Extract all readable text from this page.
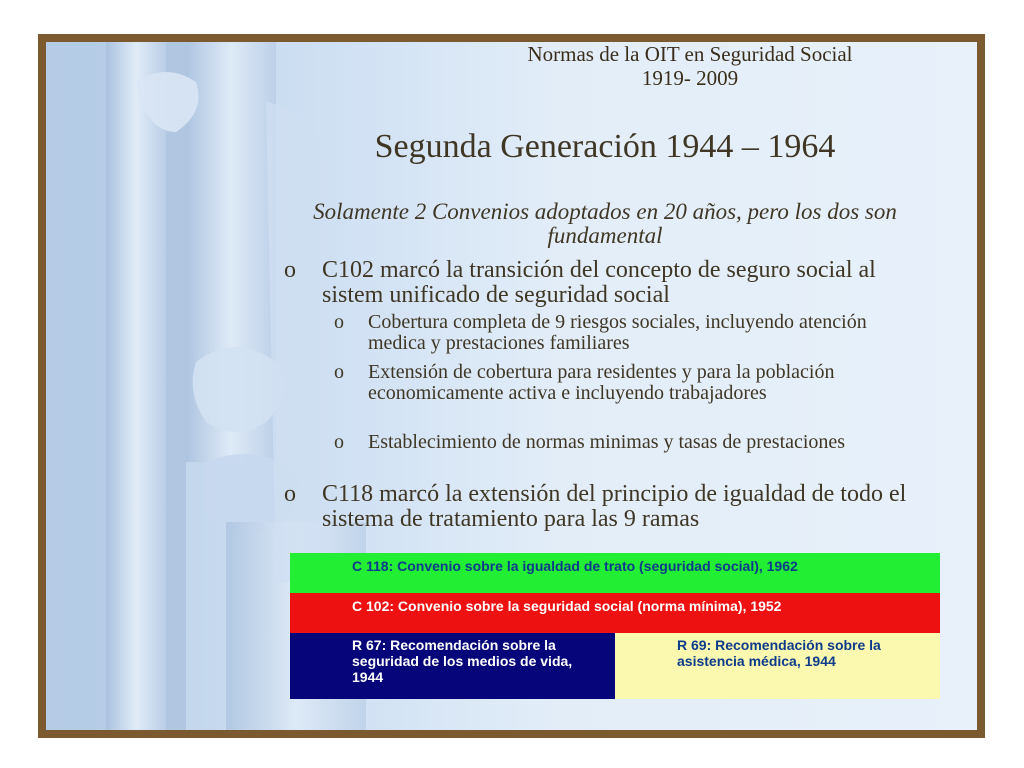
Normas de la OIT en Seguridad Social
1919- 2009
Segunda Generación 1944 – 1964
Solamente 2 Convenios adoptados en 20 años, pero los dos son fundamental
o	C102 marcó la transición del concepto de seguro social al sistem unificado de seguridad social
o	Cobertura completa de 9 riesgos sociales, incluyendo atención medica y prestaciones familiares
o	Extensión de cobertura para residentes y para la población economicamente activa e incluyendo trabajadores
o	Establecimiento de normas minimas y tasas de prestaciones
o	C118 marcó la extensión del principio de igualdad de todo el sistema de tratamiento para las 9 ramas
C 118: Convenio sobre la igualdad de trato (seguridad social), 1962
C 102: Convenio sobre la seguridad social (norma mínima), 1952
R 67: Recomendación sobre la seguridad de los medios de vida, 1944
R 69: Recomendación sobre la asistencia médica, 1944
